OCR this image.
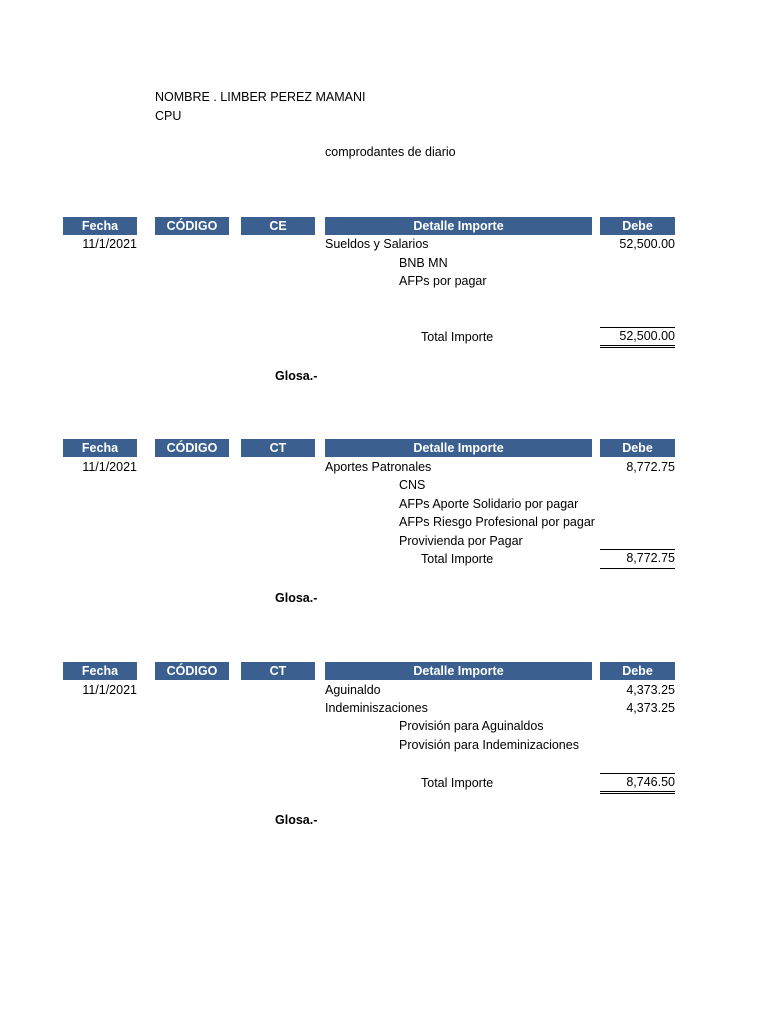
NOMBRE . LIMBER PEREZ MAMANI
CPU
comprodantes de diario
Fecha	CÓDIGO	CE	Detalle Importe	Debe
11/1/2021	Sueldos y Salarios	52,500.00
BNB MN
AFPs por pagar
Total Importe	52,500.00
Glosa.-
Fecha	CÓDIGO	CT	Detalle Importe	Debe
11/1/2021	Aportes Patronales	8,772.75
CNS
AFPs Aporte Solidario por pagar
AFPs Riesgo Profesional por pagar
Provivienda por Pagar
Total Importe	8,772.75
Glosa.-
Fecha	CÓDIGO	CT	Detalle Importe	Debe
11/1/2021	Aguinaldo	4,373.25
Indeminiszaciones	4,373.25
Provisión para Aguinaldos
Provisión para Indeminizaciones
Total Importe	8,746.50
Glosa.-
